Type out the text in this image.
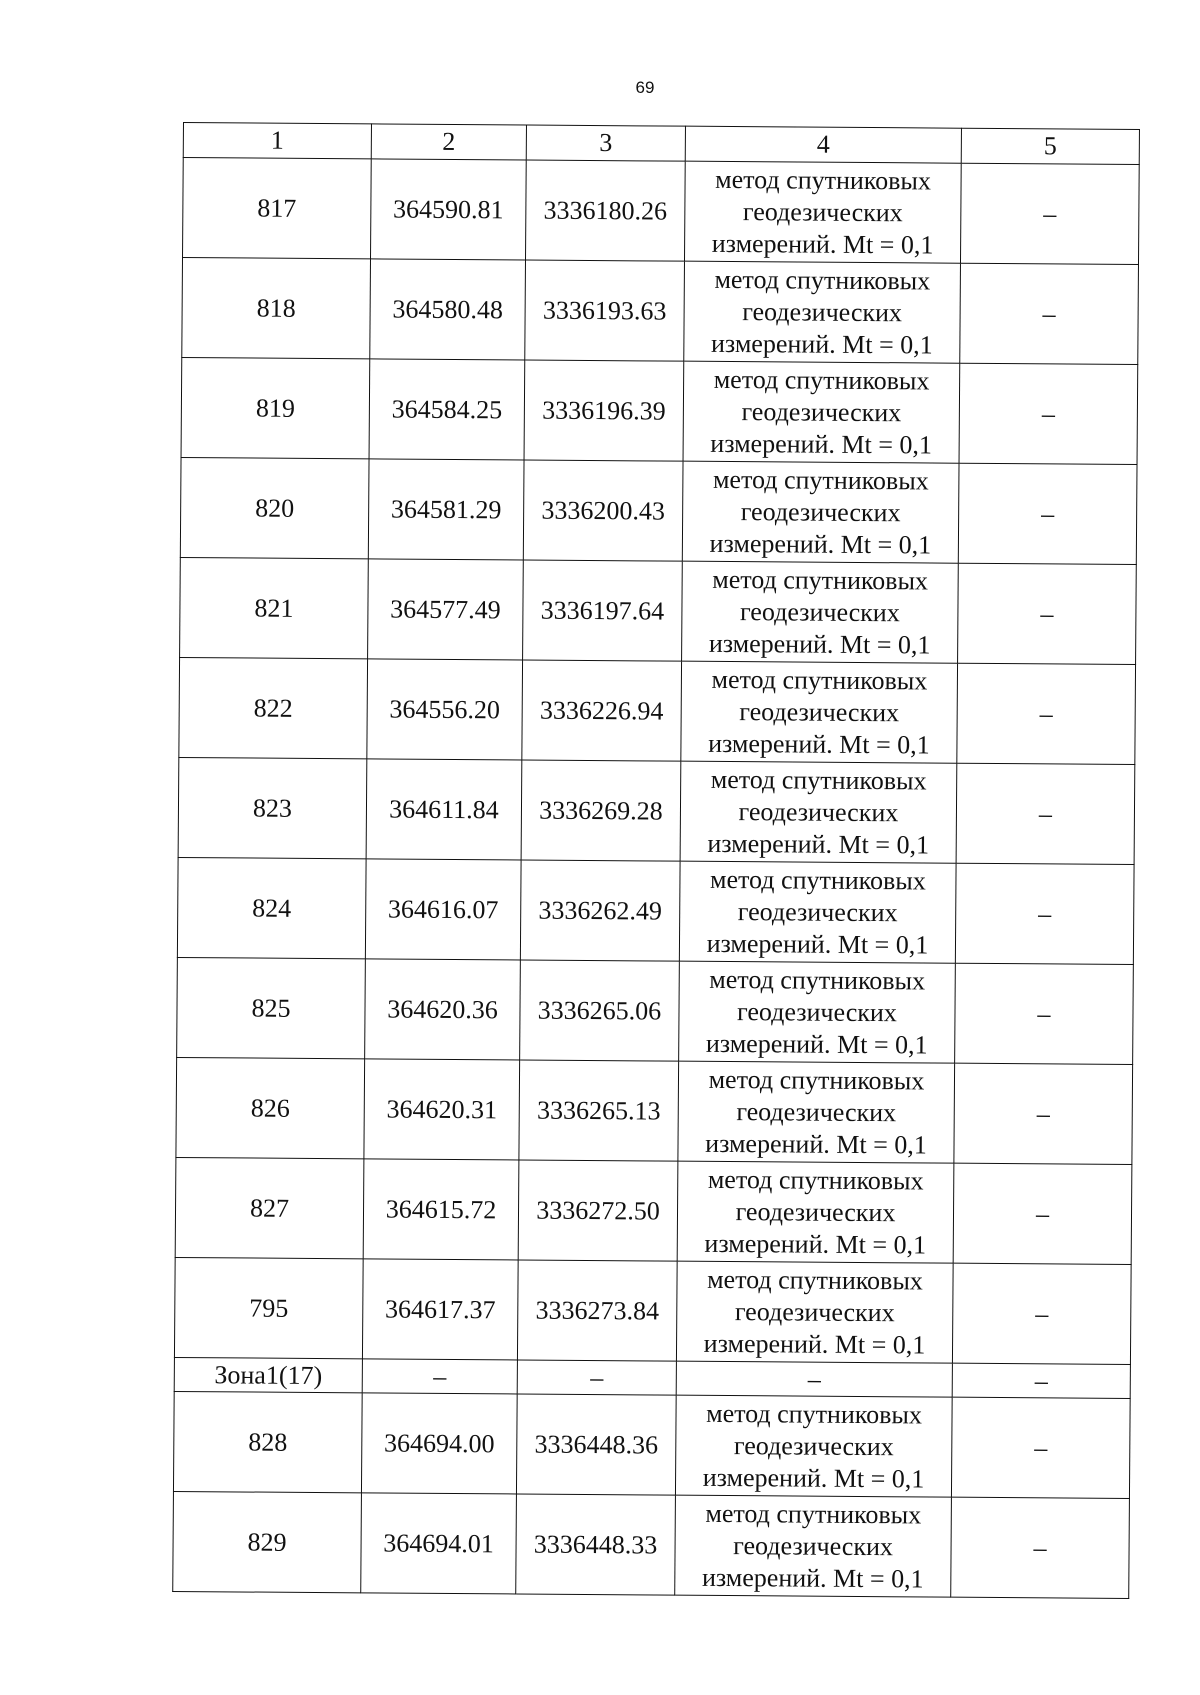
69
1	2	3	4	5
817	364590.81	3336180.26	метод спутниковых
геодезических
измерений. Mt = 0,1	–
818	364580.48	3336193.63	метод спутниковых
геодезических
измерений. Mt = 0,1	–
819	364584.25	3336196.39	метод спутниковых
геодезических
измерений. Mt = 0,1	–
820	364581.29	3336200.43	метод спутниковых
геодезических
измерений. Mt = 0,1	–
821	364577.49	3336197.64	метод спутниковых
геодезических
измерений. Mt = 0,1	–
822	364556.20	3336226.94	метод спутниковых
геодезических
измерений. Mt = 0,1	–
823	364611.84	3336269.28	метод спутниковых
геодезических
измерений. Mt = 0,1	–
824	364616.07	3336262.49	метод спутниковых
геодезических
измерений. Mt = 0,1	–
825	364620.36	3336265.06	метод спутниковых
геодезических
измерений. Mt = 0,1	–
826	364620.31	3336265.13	метод спутниковых
геодезических
измерений. Mt = 0,1	–
827	364615.72	3336272.50	метод спутниковых
геодезических
измерений. Mt = 0,1	–
795	364617.37	3336273.84	метод спутниковых
геодезических
измерений. Mt = 0,1	–
Зона1(17)	–	–	–	–
828	364694.00	3336448.36	метод спутниковых
геодезических
измерений. Mt = 0,1	–
829	364694.01	3336448.33	метод спутниковых
геодезических
измерений. Mt = 0,1	–
